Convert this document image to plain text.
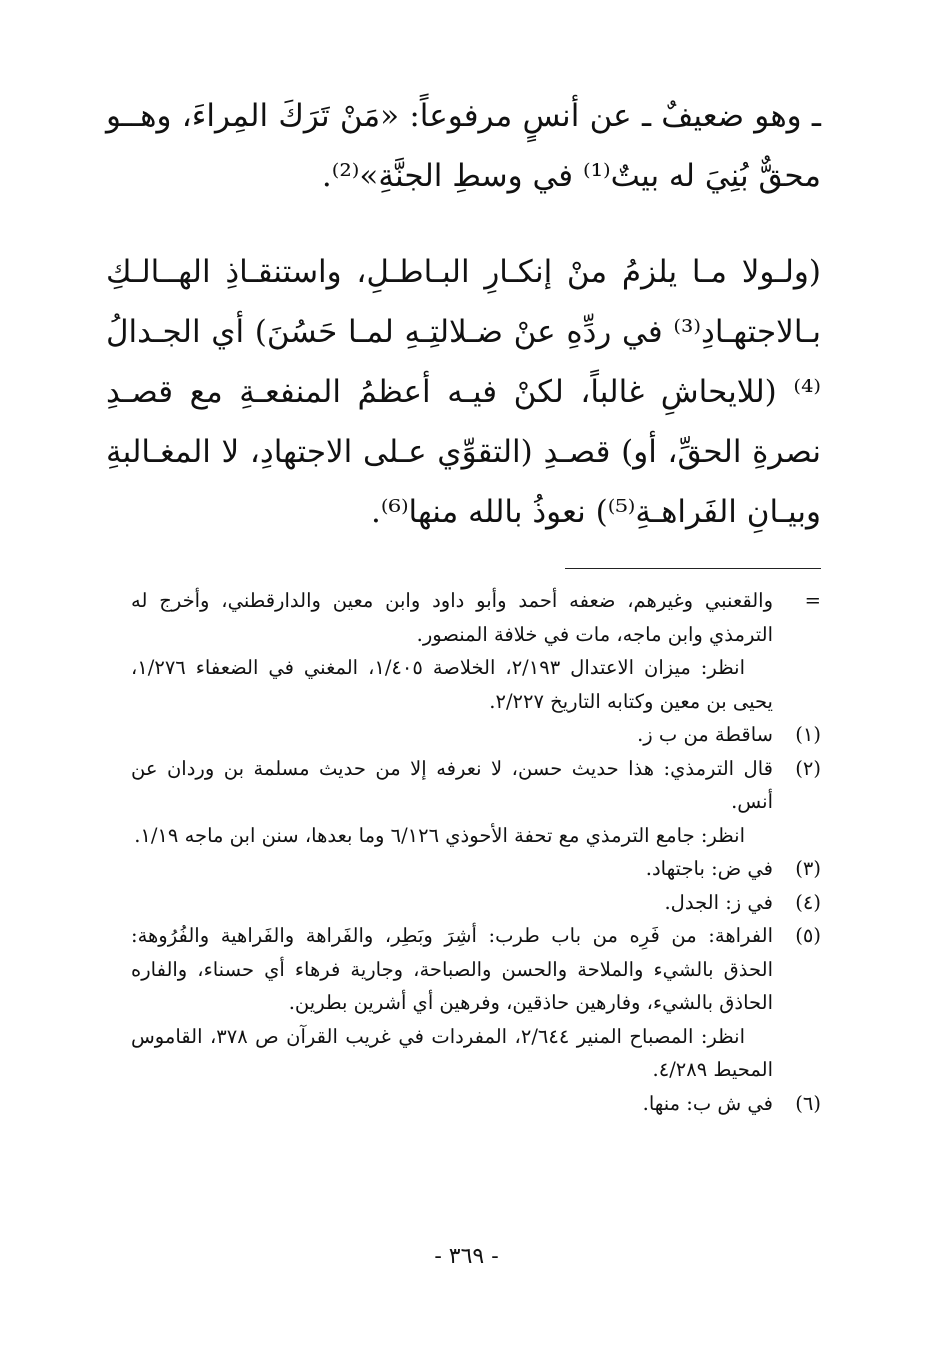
ـ وهو ضعيفٌ ـ عن أنسٍ مرفوعاً: «مَنْ تَرَكَ المِراءَ، وهــو محقٌّ بُنِيَ له بيتٌ⁽¹⁾ في وسطِ الجنَّةِ»⁽²⁾.

(ولـولا مـا يلزمُ منْ إنكـارِ البـاطـلِ، واستنقـاذِ الهــالـكِ بـالاجتهـادِ⁽³⁾ في ردِّهِ عنْ ضـلالتِـهِ لمـا حَسُنَ) أي الجـدالُ ⁽⁴⁾ (للايحاشِ غالباً، لكنْ فيـه أعظمُ المنفعـةِ مع قصـدِ نصرةِ الحقِّ، أو) قصـدِ (التقوِّي عـلى الاجتهادِ، لا المغـالبةِ وبيـانِ الفَراهـةِ⁽⁵⁾) نعوذُ بالله منها⁽⁶⁾.

=

والقعنبي وغيرهم، ضعفه أحمد وأبو داود وابن معين والدارقطني، وأخرج له الترمذي وابن ماجه، مات في خلافة المنصور.

انظر: ميزان الاعتدال ٢/١٩٣، الخلاصة ١/٤٠٥، المغني في الضعفاء ١/٢٧٦، يحيى بن معين وكتابه التاريخ ٢/٢٢٧.

(١)

ساقطة من ب ز.

(٢)

قال الترمذي: هذا حديث حسن، لا نعرفه إلا من حديث مسلمة بن وردان عن أنس.

انظر: جامع الترمذي مع تحفة الأحوذي ٦/١٢٦ وما بعدها، سنن ابن ماجه ١/١٩.

(٣)

في ض: باجتهاد.

(٤)

في ز: الجدل.

(٥)

الفراهة: من فَرِه من باب طرب: أشِرَ وبَطِر، والفَراهة والفَراهية والفُرُوهة: الحذق بالشيء والملاحة والحسن والصباحة، وجارية فرهاء أي حسناء، والفاره الحاذق بالشيء، وفارهين حاذقين، وفرهين أي أشرين بطرين.

انظر: المصباح المنير ٢/٦٤٤، المفردات في غريب القرآن ص ٣٧٨، القاموس المحيط ٤/٢٨٩.

(٦)

في ش ب: منها.

- ٣٦٩ -
